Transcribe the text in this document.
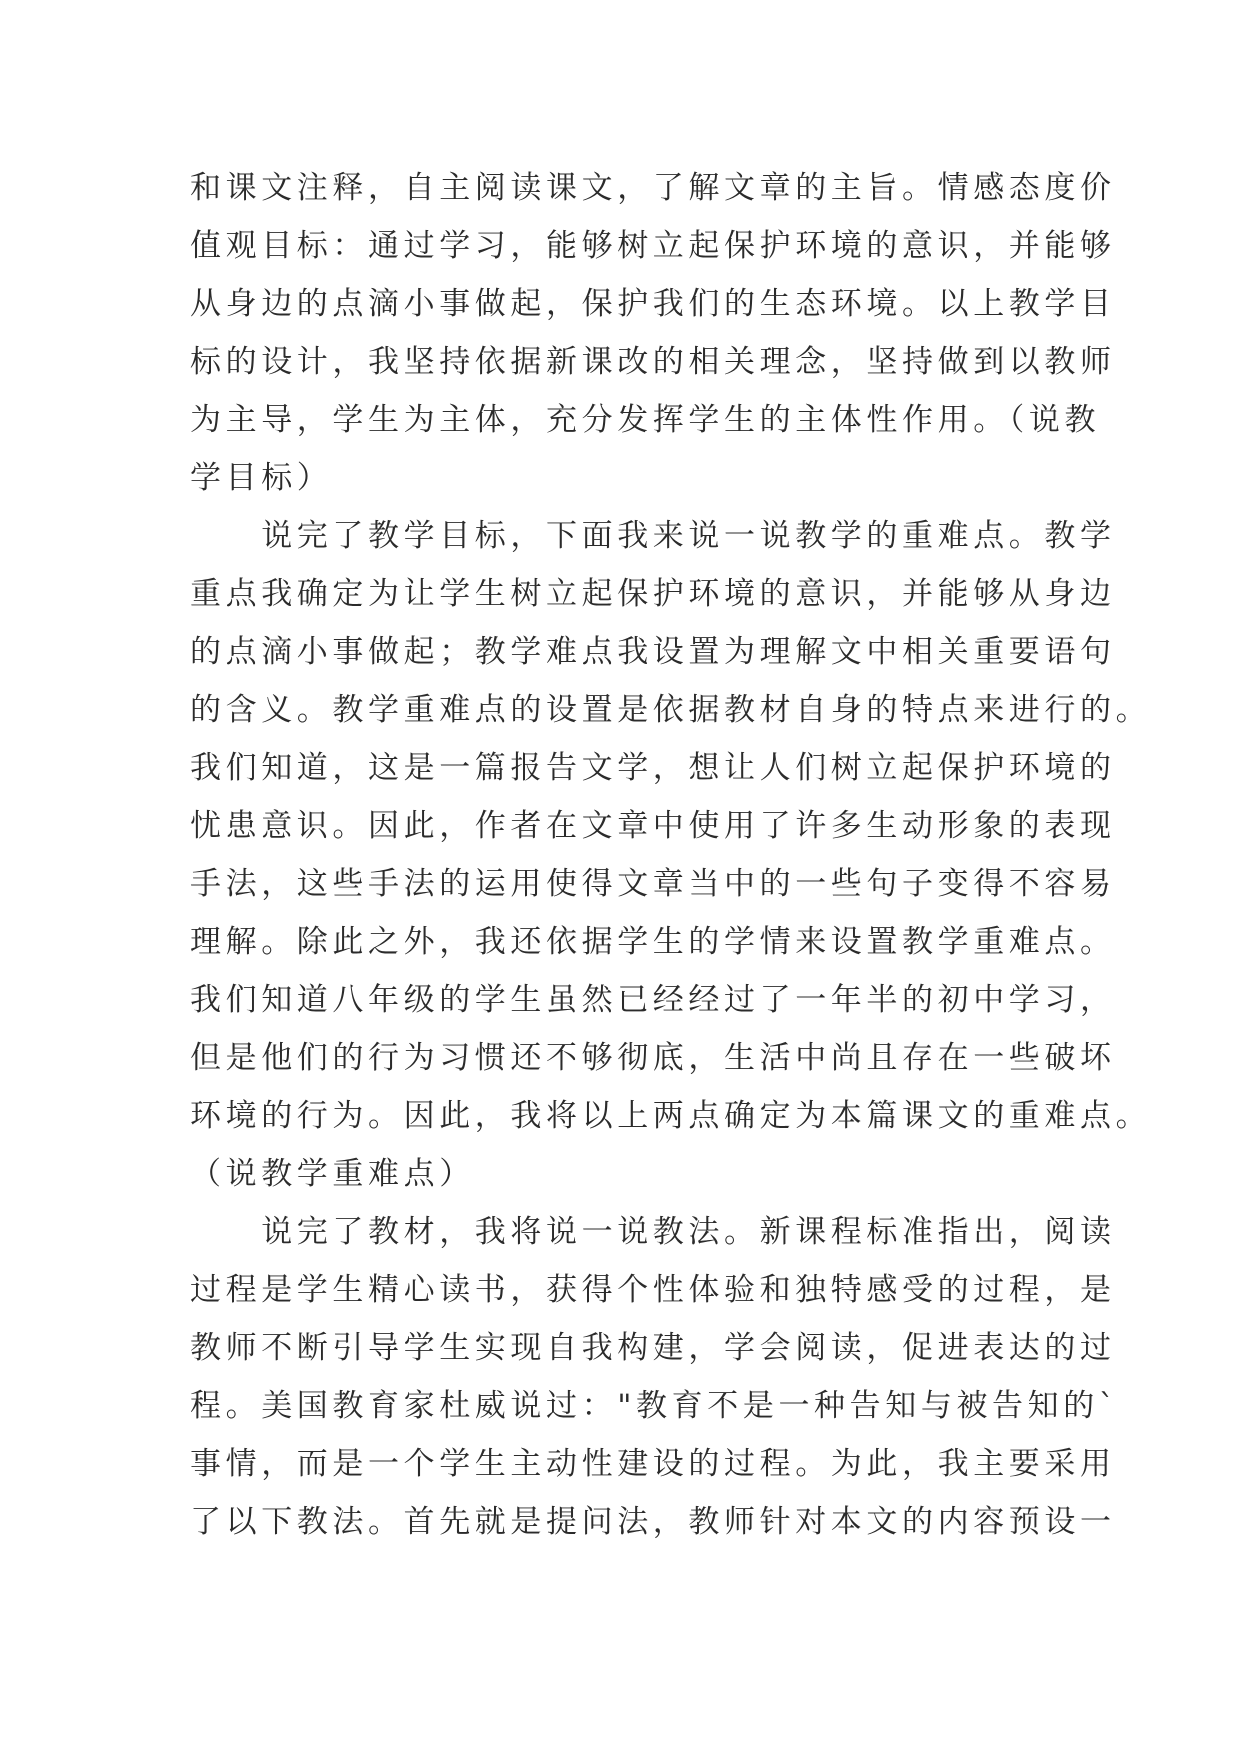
和课文注释，自主阅读课文，了解文章的主旨。情感态度价
值观目标：通过学习，能够树立起保护环境的意识，并能够
从身边的点滴小事做起，保护我们的生态环境。以上教学目
标的设计，我坚持依据新课改的相关理念，坚持做到以教师
为主导，学生为主体，充分发挥学生的主体性作用。（说教
学目标）
　　说完了教学目标，下面我来说一说教学的重难点。教学
重点我确定为让学生树立起保护环境的意识，并能够从身边
的点滴小事做起；教学难点我设置为理解文中相关重要语句
的含义。教学重难点的设置是依据教材自身的特点来进行的。
我们知道，这是一篇报告文学，想让人们树立起保护环境的
忧患意识。因此，作者在文章中使用了许多生动形象的表现
手法，这些手法的运用使得文章当中的一些句子变得不容易
理解。除此之外，我还依据学生的学情来设置教学重难点。
我们知道八年级的学生虽然已经经过了一年半的初中学习，
但是他们的行为习惯还不够彻底，生活中尚且存在一些破坏
环境的行为。因此，我将以上两点确定为本篇课文的重难点。
（说教学重难点）
　　说完了教材，我将说一说教法。新课程标准指出，阅读
过程是学生精心读书，获得个性体验和独特感受的过程，是
教师不断引导学生实现自我构建，学会阅读，促进表达的过
程。美国教育家杜威说过："教育不是一种告知与被告知的`
事情，而是一个学生主动性建设的过程。为此，我主要采用
了以下教法。首先就是提问法，教师针对本文的内容预设一
